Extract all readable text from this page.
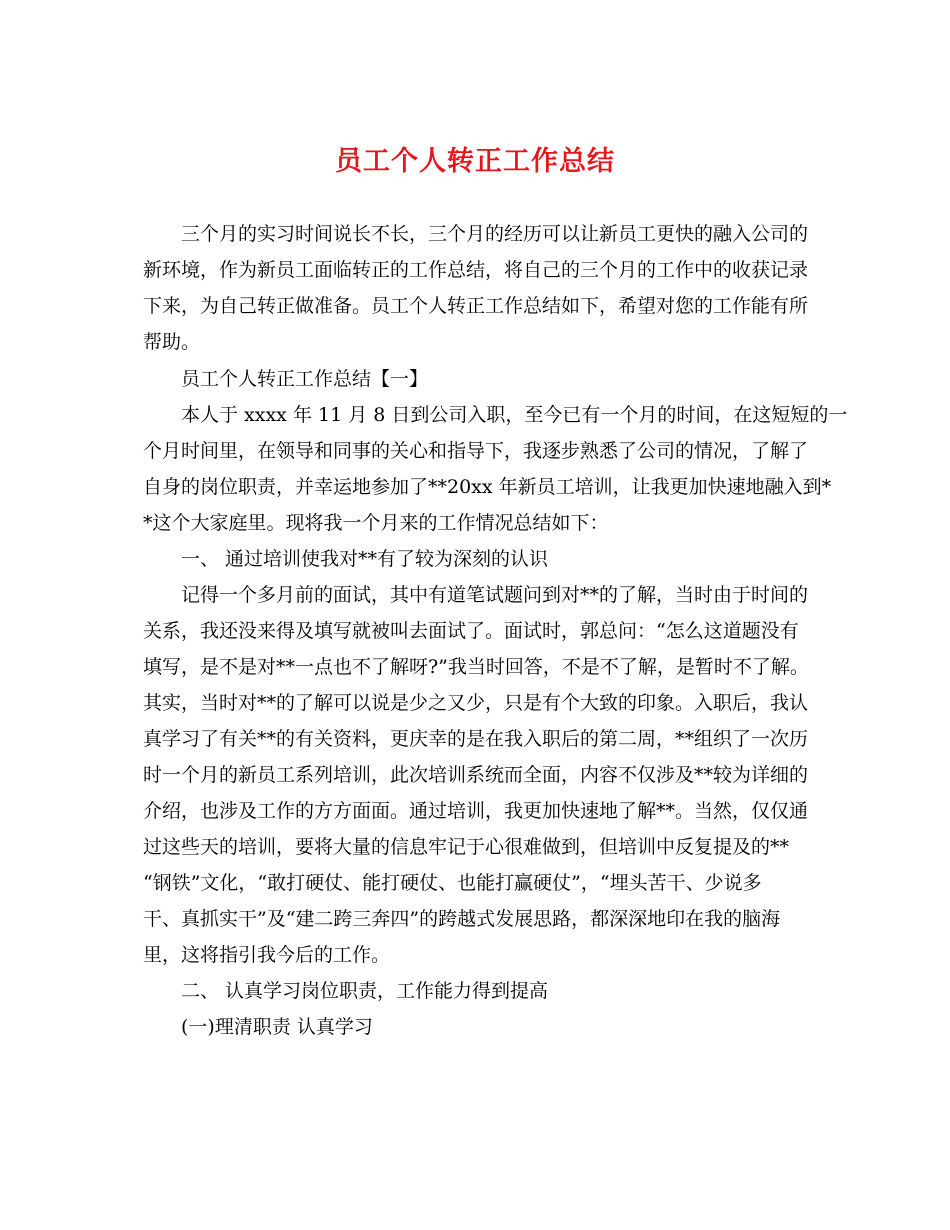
员工个人转正工作总结
三个月的实习时间说长不长，三个月的经历可以让新员工更快的融入公司的
新环境，作为新员工面临转正的工作总结，将自己的三个月的工作中的收获记录
下来，为自己转正做准备。员工个人转正工作总结如下，希望对您的工作能有所
帮助。
员工个人转正工作总结【一】
本人于 xxxx 年 11 月 8 日到公司入职，至今已有一个月的时间，在这短短的一
个月时间里，在领导和同事的关心和指导下，我逐步熟悉了公司的情况，了解了
自身的岗位职责，并幸运地参加了**20xx 年新员工培训，让我更加快速地融入到*
*这个大家庭里。现将我一个月来的工作情况总结如下：
一、 通过培训使我对**有了较为深刻的认识
记得一个多月前的面试，其中有道笔试题问到对**的了解，当时由于时间的
关系，我还没来得及填写就被叫去面试了。面试时，郭总问：“怎么这道题没有
填写，是不是对**一点也不了解呀?”我当时回答，不是不了解，是暂时不了解。
其实，当时对**的了解可以说是少之又少，只是有个大致的印象。入职后，我认
真学习了有关**的有关资料，更庆幸的是在我入职后的第二周，**组织了一次历
时一个月的新员工系列培训，此次培训系统而全面，内容不仅涉及**较为详细的
介绍，也涉及工作的方方面面。通过培训，我更加快速地了解**。当然，仅仅通
过这些天的培训，要将大量的信息牢记于心很难做到，但培训中反复提及的**
“钢铁”文化，“敢打硬仗、能打硬仗、也能打赢硬仗”，“埋头苦干、少说多
干、真抓实干”及“建二跨三奔四”的跨越式发展思路，都深深地印在我的脑海
里，这将指引我今后的工作。
二、 认真学习岗位职责，工作能力得到提高
(一)理清职责 认真学习
